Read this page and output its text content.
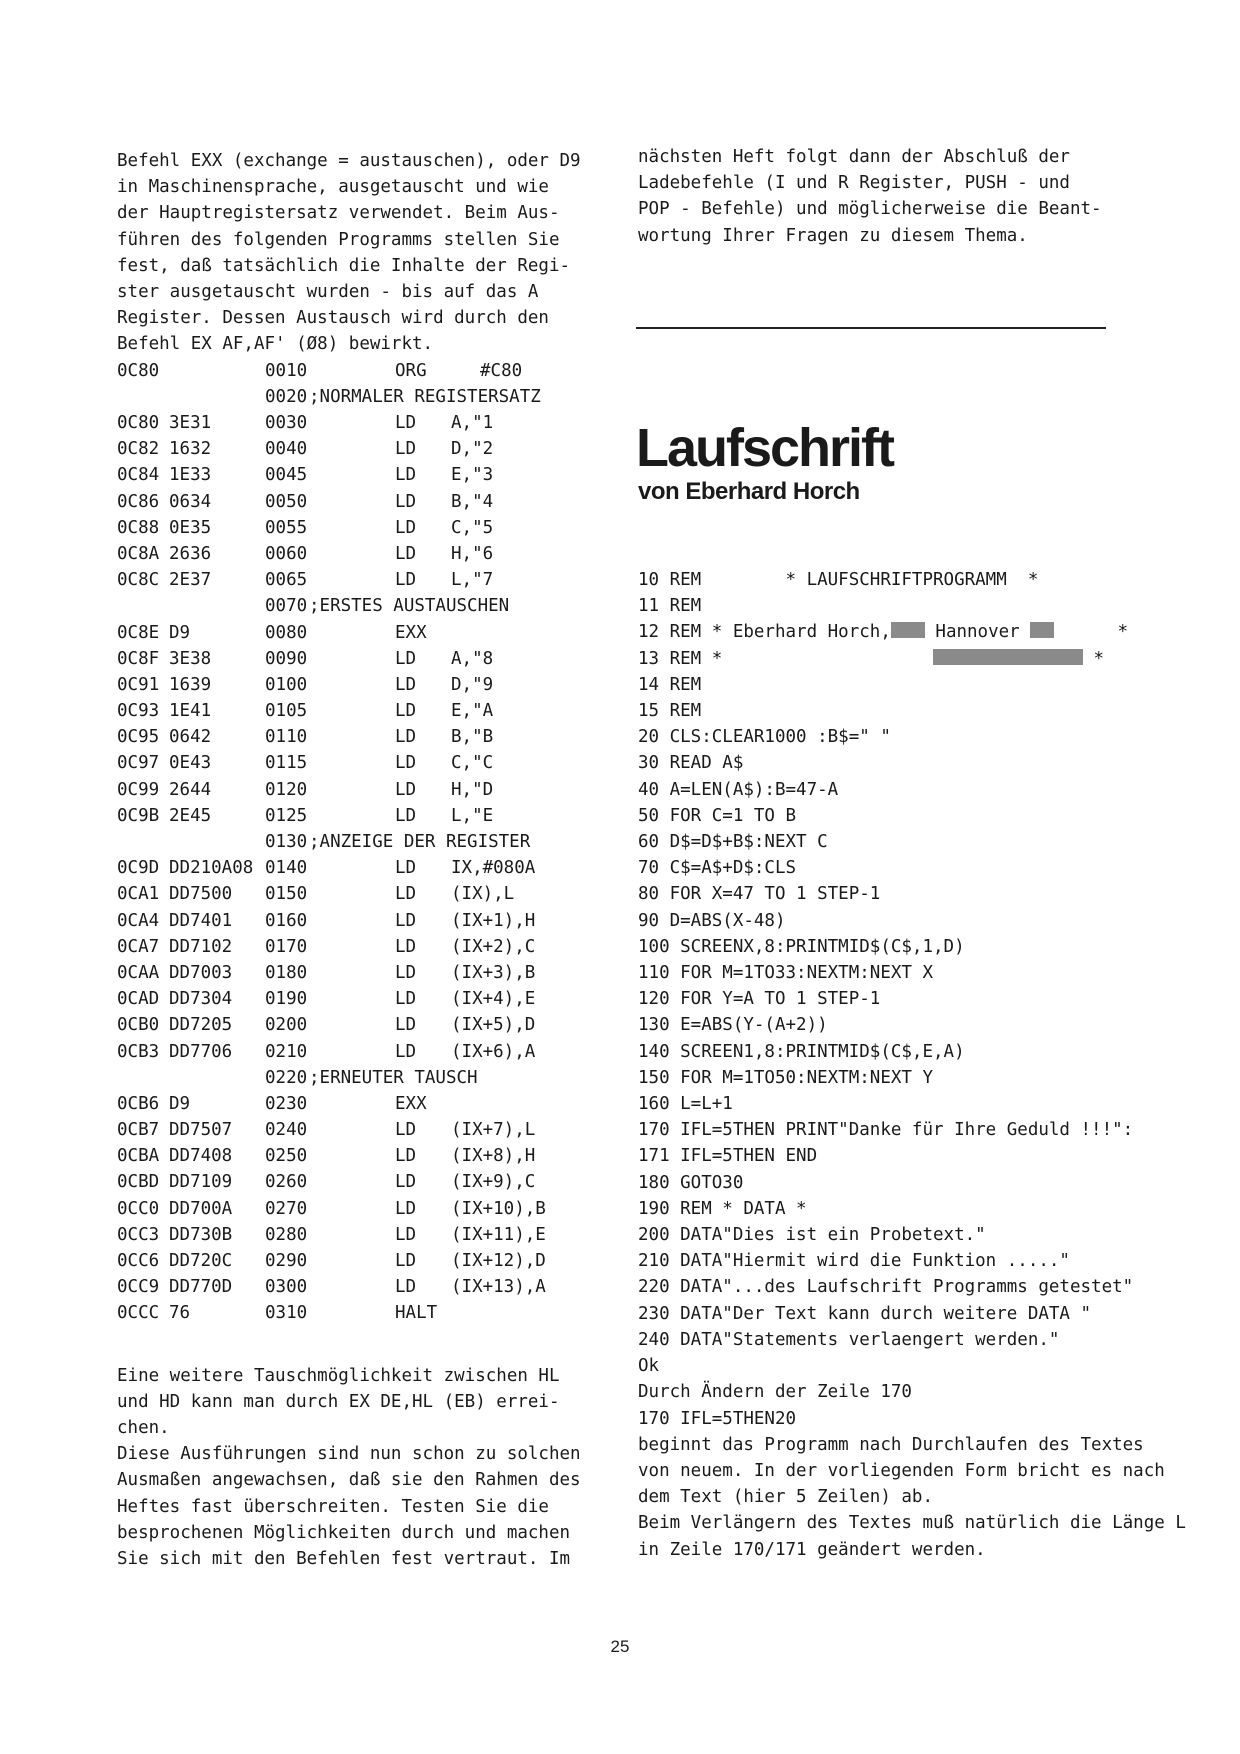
Befehl EXX (exchange = austauschen), oder D9
in Maschinensprache, ausgetauscht und wie
der Hauptregistersatz verwendet. Beim Aus-
führen des folgenden Programms stellen Sie
fest, daß tatsächlich die Inhalte der Regi-
ster ausgetauscht wurden - bis auf das A
Register. Dessen Austausch wird durch den
Befehl EX AF,AF' (Ø8) bewirkt.
0C80	0010	ORG	#C80
0020 ;NORMALER REGISTERSATZ
0C80 3E31	0030	LD A,"1
0C82 1632	0040	LD D,"2
0C84 1E33	0045	LD E,"3
0C86 0634	0050	LD B,"4
0C88 0E35	0055	LD C,"5
0C8A 2636	0060	LD H,"6
0C8C 2E37	0065	LD L,"7
0070 ;ERSTES AUSTAUSCHEN
0C8E D9	0080	EXX
0C8F 3E38	0090	LD A,"8
0C91 1639	0100	LD D,"9
0C93 1E41	0105	LD E,"A
0C95 0642	0110	LD B,"B
0C97 0E43	0115	LD C,"C
0C99 2644	0120	LD H,"D
0C9B 2E45	0125	LD L,"E
0130 ;ANZEIGE DER REGISTER
0C9D DD210A08 0140	LD IX,#080A
0CA1 DD7500 0150	LD (IX),L
0CA4 DD7401 0160	LD (IX+1),H
0CA7 DD7102 0170	LD (IX+2),C
0CAA DD7003 0180	LD (IX+3),B
0CAD DD7304 0190	LD (IX+4),E
0CB0 DD7205 0200	LD (IX+5),D
0CB3 DD7706 0210	LD (IX+6),A
0220 ;ERNEUTER TAUSCH
0CB6 D9	0230	EXX
0CB7 DD7507 0240	LD (IX+7),L
0CBA DD7408 0250	LD (IX+8),H
0CBD DD7109 0260	LD (IX+9),C
0CC0 DD700A 0270	LD (IX+10),B
0CC3 DD730B 0280	LD (IX+11),E
0CC6 DD720C 0290	LD (IX+12),D
0CC9 DD770D 0300	LD (IX+13),A
0CCC 76	0310	HALT
Eine weitere Tauschmöglichkeit zwischen HL
und HD kann man durch EX DE,HL (EB) errei-
chen.
Diese Ausführungen sind nun schon zu solchen
Ausmaßen angewachsen, daß sie den Rahmen des
Heftes fast überschreiten. Testen Sie die
besprochenen Möglichkeiten durch und machen
Sie sich mit den Befehlen fest vertraut. Im
nächsten Heft folgt dann der Abschluß der
Ladebefehle (I und R Register, PUSH - und
POP - Befehle) und möglicherweise die Beant-
wortung Ihrer Fragen zu diesem Thema.
Laufschrift
von Eberhard Horch
10 REM        * LAUFSCHRIFTPROGRAMM  *
11 REM
12 REM * Eberhard Horch, Hannover       *
13 REM *	*
14 REM
15 REM
20 CLS:CLEAR1000 :B$=" "
30 READ A$
40 A=LEN(A$):B=47-A
50 FOR C=1 TO B
60 D$=D$+B$:NEXT C
70 C$=A$+D$:CLS
80 FOR X=47 TO 1 STEP-1
90 D=ABS(X-48)
100 SCREENX,8:PRINTMID$(C$,1,D)
110 FOR M=1TO33:NEXTM:NEXT X
120 FOR Y=A TO 1 STEP-1
130 E=ABS(Y-(A+2))
140 SCREEN1,8:PRINTMID$(C$,E,A)
150 FOR M=1TO50:NEXTM:NEXT Y
160 L=L+1
170 IFL=5THEN PRINT"Danke für Ihre Geduld !!!":
171 IFL=5THEN END
180 GOTO30
190 REM * DATA *
200 DATA"Dies ist ein Probetext."
210 DATA"Hiermit wird die Funktion ....."
220 DATA"...des Laufschrift Programms getestet"
230 DATA"Der Text kann durch weitere DATA "
240 DATA"Statements verlaengert werden."
Ok
Durch Ändern der Zeile 170
170 IFL=5THEN20
beginnt das Programm nach Durchlaufen des Textes
von neuem. In der vorliegenden Form bricht es nach
dem Text (hier 5 Zeilen) ab.
Beim Verlängern des Textes muß natürlich die Länge L
in Zeile 170/171 geändert werden.
25
